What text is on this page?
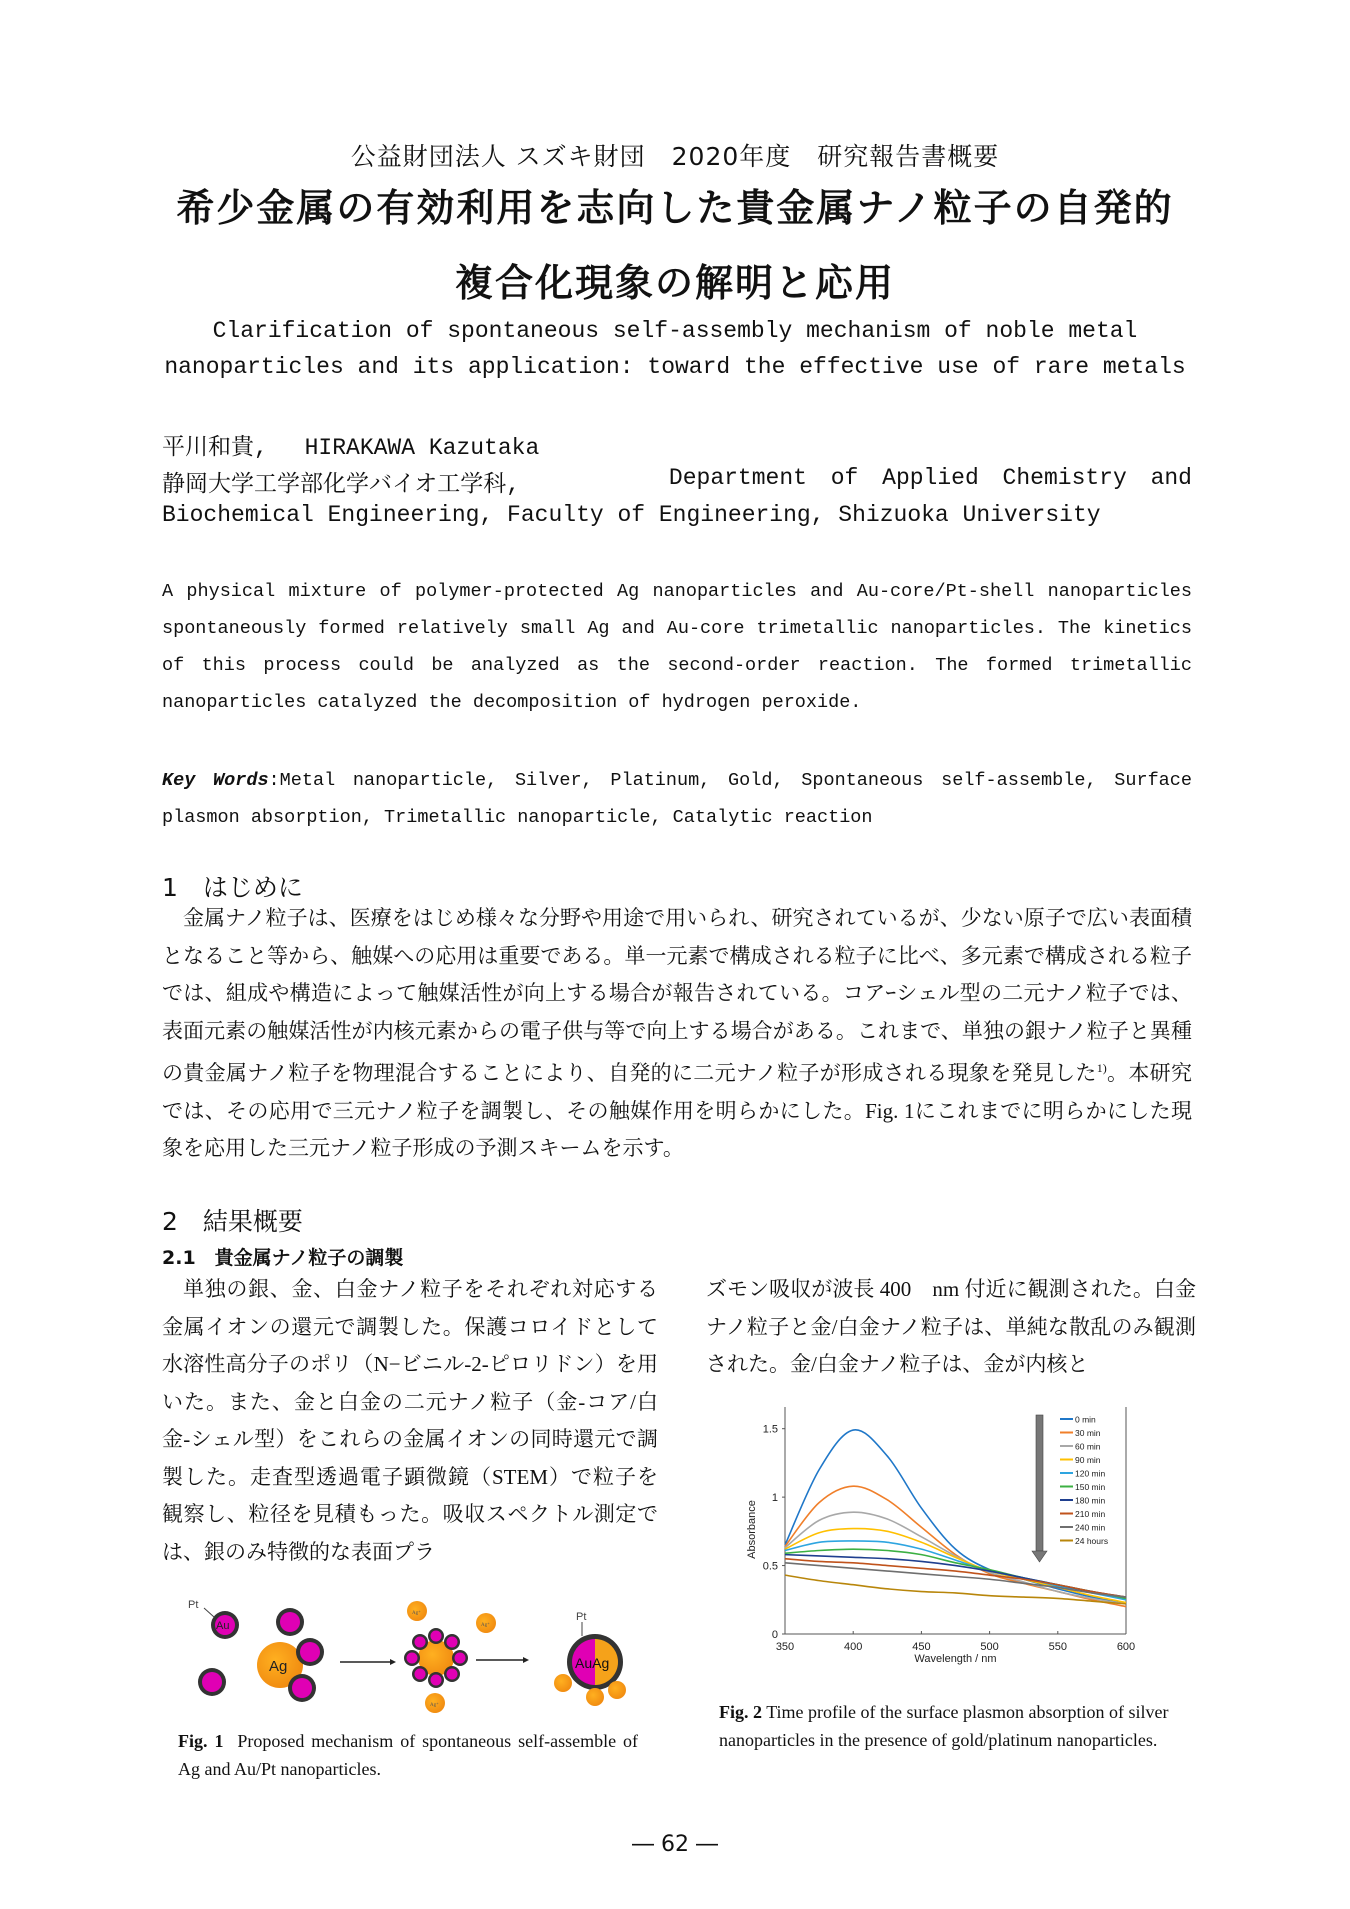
公益財団法人 スズキ財団　2020年度　研究報告書概要
希少金属の有効利用を志向した貴金属ナノ粒子の自発的
複合化現象の解明と応用
Clarification of spontaneous self-assembly mechanism of noble metal
nanoparticles and its application: toward the effective use of rare metals
平川和貴,　 HIRAKAWA Kazutaka
静岡大学工学部化学バイオ工学科,	Department of Applied Chemistry and
Biochemical Engineering, Faculty of Engineering, Shizuoka University
A physical mixture of polymer-protected Ag nanoparticles and Au-core/Pt-shell nanoparticles spontaneously formed relatively small Ag and Au-core trimetallic nanoparticles. The kinetics of this process could be analyzed as the second-order reaction. The formed trimetallic nanoparticles catalyzed the decomposition of hydrogen peroxide.
Key Words:Metal nanoparticle, Silver, Platinum, Gold, Spontaneous self-assemble, Surface plasmon absorption, Trimetallic nanoparticle, Catalytic reaction
1　はじめに
金属ナノ粒子は、医療をはじめ様々な分野や用途で用いられ、研究されているが、少ない原子で広い表面積となること等から、触媒への応用は重要である。単一元素で構成される粒子に比べ、多元素で構成される粒子では、組成や構造によって触媒活性が向上する場合が報告されている。コアｰシェル型の二元ナノ粒子では、表面元素の触媒活性が内核元素からの電子供与等で向上する場合がある。これまで、単独の銀ナノ粒子と異種の貴金属ナノ粒子を物理混合することにより、自発的に二元ナノ粒子が形成される現象を発見した$^{1)}$。本研究では、その応用で三元ナノ粒子を調製し、その触媒作用を明らかにした。Fig. 1にこれまでに明らかにした現象を応用した三元ナノ粒子形成の予測スキームを示す。
2　結果概要
2.1　貴金属ナノ粒子の調製
単独の銀、金、白金ナノ粒子をそれぞれ対応する金属イオンの還元で調製した。保護コロイドとして水溶性高分子のポリ（N−ビニル-2-ピロリドン）を用いた。また、金と白金の二元ナノ粒子（金-コア/白金-シェル型）をこれらの金属イオンの同時還元で調製した。走査型透過電子顕微鏡（STEM）で粒子を観察し、粒径を見積もった。吸収スペクトル測定では、銀のみ特徴的な表面プラ
ズモン吸収が波長 400　nm 付近に観測された。白金ナノ粒子と金/白金ナノ粒子は、単純な散乱のみ観測された。金/白金ナノ粒子は、金が内核と
Ag
Au
Pt
Ag⁺
Ag⁺
Ag⁺
AuAg
Pt
Fig. 1 Proposed mechanism of spontaneous self-assemble of Ag and Au/Pt nanoparticles.
0
0.5
1
1.5
350	400	450	500	550	600
Wavelength / nm
Absorbance
0 min
30 min
60 min
90 min
120 min
150 min
180 min
210 min
240 min
24 hours
Fig. 2 Time profile of the surface plasmon absorption of silver nanoparticles in the presence of gold/platinum nanoparticles.
― 62 ―
